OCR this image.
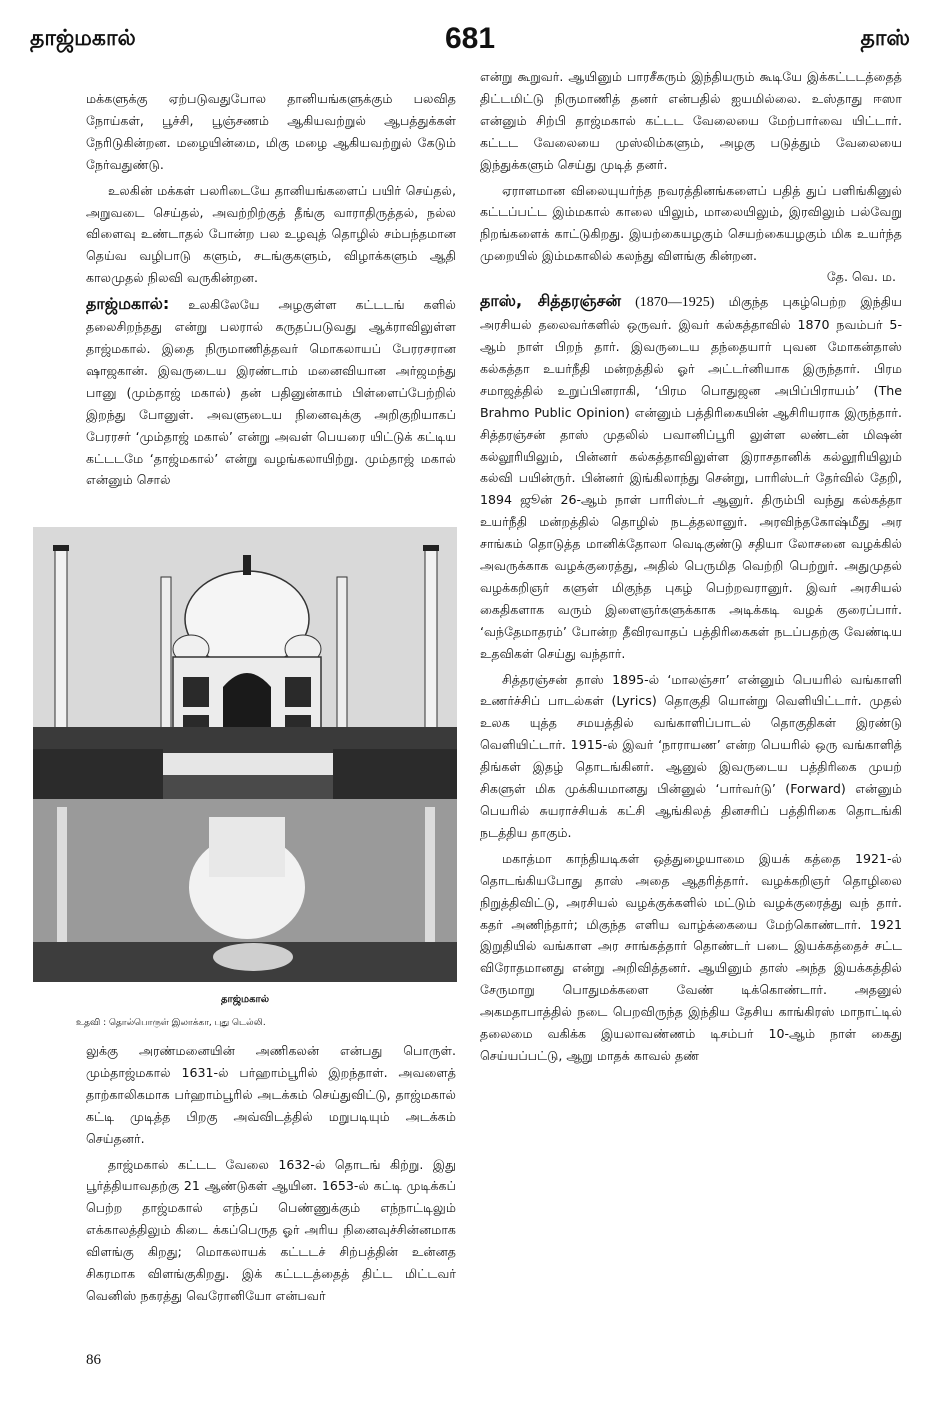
தாஜ்மகால்	681	தாஸ்

மக்களுக்கு ஏற்படுவதுபோல தானியங்களுக்கும் பலவித நோய்கள், பூச்சி, பூஞ்சணம் ஆகியவற்றுல் ஆபத்துக்கள் நேரிடுகின்றன. மழையின்மை, மிகு மழை ஆகியவற்றுல் கேடும் நேர்வதுண்டு.

உலகின் மக்கள் பலரிடையே தானியங்களைப் பயிர் செய்தல், அறுவடை செய்தல், அவற்றிற்குத் தீங்கு வாராதிருத்தல், நல்ல விளைவு உண்டாதல் போன்ற பல உழவுத் தொழில் சம்பந்தமான தெய்வ வழிபாடு களும், சடங்குகளும், விழாக்களும் ஆதி காலமுதல் நிலவி வருகின்றன.

தாஜ்மகால்: உலகிலேயே அழகுள்ள கட்டடங் களில் தலைசிறந்தது என்று பலரால் கருதப்படுவது ஆக்ராவிலுள்ள தாஜ்மகால். இதை நிருமாணித்தவர் மொகலாயப் பேரரசரான ஷாஜகான். இவருடைய இரண்டாம் மனைவியான அர்ஜமந்து பானு (மும்தாஜ் மகால்) தன் பதினுன்காம் பிள்ளைப்பேற்றில் இறந்து போனுள். அவளுடைய நினைவுக்கு அறிகுறியாகப் பேரரசர் ‘மும்தாஜ் மகால்’ என்று அவள் பெயரை யிட்டுக் கட்டிய கட்டடமே ‘தாஜ்மகால்’ என்று வழங்கலாயிற்று. மும்தாஜ் மகால் என்னும் சொல்

தாஜ்மகால்
உதவி : தொல்பொருள் இலாக்கா, புது டெல்லி.

லுக்கு அரண்மனையின் அணிகலன் என்பது பொருள். மும்தாஜ்மகால் 1631-ல் பர்ஹாம்பூரில் இறந்தாள். அவளைத் தாற்காலிகமாக பர்ஹாம்பூரில் அடக்கம் செய்துவிட்டு, தாஜ்மகால் கட்டி முடித்த பிறகு அவ்விடத்தில் மறுபடியும் அடக்கம் செய்தனர்.

தாஜ்மகால் கட்டட வேலை 1632-ல் தொடங் கிற்று. இது பூர்த்தியாவதற்கு 21 ஆண்டுகள் ஆயின. 1653-ல் கட்டி முடிக்கப் பெற்ற தாஜ்மகால் எந்தப் பெண்ணுக்கும் எந்நாட்டிலும் எக்காலத்திலும் கிடை க்கப்பெருத ஓர் அரிய நினைவுச்சின்னமாக விளங்கு கிறது; மொகலாயக் கட்டடச் சிற்பத்தின் உன்னத சிகரமாக விளங்குகிறது. இக் கட்டடத்தைத் திட்ட மிட்டவர் வெனிஸ் நகரத்து வெரோனியோ என்பவர்

என்று கூறுவர். ஆயினும் பாரசீகரும் இந்தியரும் கூடியே இக்கட்டடத்தைத் திட்டமிட்டு நிருமாணித் தனர் என்பதில் ஐயமில்லை. உஸ்தாது ஈஸா என்னும் சிற்பி தாஜ்மகால் கட்டட வேலையை மேற்பார்வை யிட்டார். கட்டட வேலையை முஸ்லிம்களும், அழகு படுத்தும் வேலையை இந்துக்களும் செய்து முடித் தனர்.

ஏராளமான விலையுயர்ந்த நவரத்தினங்களைப் பதித் துப் பளிங்கினுல் கட்டப்பட்ட இம்மகால் காலை யிலும், மாலையிலும், இரவிலும் பல்வேறு நிறங்களைக் காட்டுகிறது. இயற்கையழகும் செயற்கையழகும் மிக உயர்ந்த முறையில் இம்மகாலில் கலந்து விளங்கு கின்றன.

தே. வெ. ம.

தாஸ், சித்தரஞ்சன் (1870—1925) மிகுந்த புகழ்பெற்ற இந்திய அரசியல் தலைவர்களில் ஒருவர். இவர் கல்கத்தாவில் 1870 நவம்பர் 5-ஆம் நாள் பிறந் தார். இவருடைய தந்தையார் புவன மோகன்தாஸ் கல்கத்தா உயர்நீதி மன்றத்தில் ஓர் அட்டர்னியாக இருந்தார். பிரம சமாஜத்தில் உறுப்பினராகி, ‘பிரம பொதுஜன அபிப்பிராயம்’ (The Brahmo Public Opinion) என்னும் பத்திரிகையின் ஆசிரியராக இருந்தார். சித்தரஞ்சன் தாஸ் முதலில் பவானிப்பூரி லுள்ள லண்டன் மிஷன் கல்லூரியிலும், பின்னர் கல்கத்தாவிலுள்ள இராசதானிக் கல்லூரியிலும் கல்வி பயின்ருர். பின்னர் இங்கிலாந்து சென்று, பாரிஸ்டர் தேர்வில் தேறி, 1894 ஜூன் 26-ஆம் நாள் பாரிஸ்டர் ஆனுர். திரும்பி வந்து கல்கத்தா உயர்நீதி மன்றத்தில் தொழில் நடத்தலானுர். அரவிந்தகோஷ்மீது அர சாங்கம் தொடுத்த மானிக்தோலா வெடிகுண்டு சதியா லோசனை வழக்கில் அவருக்காக வழக்குரைத்து, அதில் பெருமித வெற்றி பெற்றுர். அதுமுதல் வழக்கறிஞர் களுள் மிகுந்த புகழ் பெற்றவரானுர். இவர் அரசியல் கைதிகளாக வரும் இளைஞர்களுக்காக அடிக்கடி வழக் குரைப்பார். ‘வந்தேமாதரம்’ போன்ற தீவிரவாதப் பத்திரிகைகள் நடப்பதற்கு வேண்டிய உதவிகள் செய்து வந்தார்.

சித்தரஞ்சன் தாஸ் 1895-ல் ‘மாலஞ்சா’ என்னும் பெயரில் வங்காளி உணர்ச்சிப் பாடல்கள் (Lyrics) தொகுதி யொன்று வெளியிட்டார். முதல் உலக யுத்த சமயத்தில் வங்காளிப்பாடல் தொகுதிகள் இரண்டு வெளியிட்டார். 1915-ல் இவர் ‘நாராயண’ என்ற பெயரில் ஒரு வங்காளித் திங்கள் இதழ் தொடங்கினர். ஆனுல் இவருடைய பத்திரிகை முயற் சிகளுள் மிக முக்கியமானது பின்னுல் ‘பார்வர்டு’ (Forward) என்னும் பெயரில் சுயராச்சியக் கட்சி ஆங்கிலத் தினசரிப் பத்திரிகை தொடங்கி நடத்திய தாகும்.

மகாத்மா காந்தியடிகள் ஒத்துழையாமை இயக் கத்தை 1921-ல் தொடங்கியபோது தாஸ் அதை ஆதரித்தார். வழக்கறிஞர் தொழிலை நிறுத்திவிட்டு, அரசியல் வழக்குக்களில் மட்டும் வழக்குரைத்து வந் தார். கதர் அணிந்தார்; மிகுந்த எளிய வாழ்க்கையை மேற்கொண்டார். 1921 இறுதியில் வங்காள அர சாங்கத்தார் தொண்டர் படை இயக்கத்தைச் சட்ட விரோதமானது என்று அறிவித்தனர். ஆயினும் தாஸ் அந்த இயக்கத்தில் சேருமாறு பொதுமக்களை வேண் டிக்கொண்டார். அதனுல் அகமதாபாத்தில் நடை பெறவிருந்த இந்திய தேசிய காங்கிரஸ் மாநாட்டில் தலைமை வகிக்க இயலாவண்ணம் டிசம்பர் 10-ஆம் நாள் கைது செய்யப்பட்டு, ஆறு மாதக் காவல் தண்

86
